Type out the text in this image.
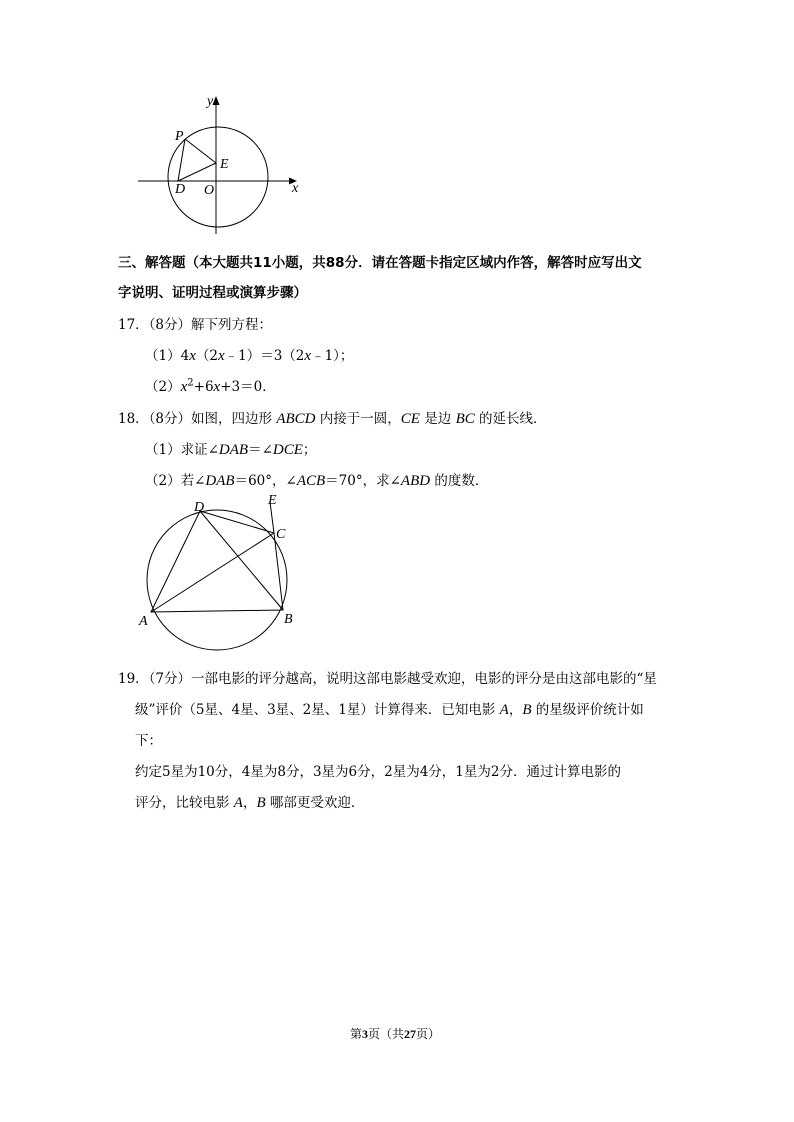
y
P
E
D O	x
三、解答题（本大题共11小题，共88分．请在答题卡指定区域内作答，解答时应写出文
字说明、证明过程或演算步骤）
17．（8分）解下列方程：
（1）4x（2x﹣1）＝3（2x﹣1）；
$(2)x^2+6x+3=0$．
18．（8分）如图，四边形 ABCD 内接于一圆，CE 是边 BC 的延长线．
（1）求证∠DAB＝∠DCE；
（2）若∠DAB＝60°，∠ACB＝70°，求∠ABD 的度数．
D	E
C
A	B
19．（7分）一部电影的评分越高，说明这部电影越受欢迎，电影的评分是由这部电影的“星
级”评价（5星、4星、3星、2星、1星）计算得来．已知电影 A，B 的星级评价统计如
下：
约定5星为10分，4星为8分，3星为6分，2星为4分，1星为2分．通过计算电影的
评分，比较电影 A，B 哪部更受欢迎．
第3页（共27页）
